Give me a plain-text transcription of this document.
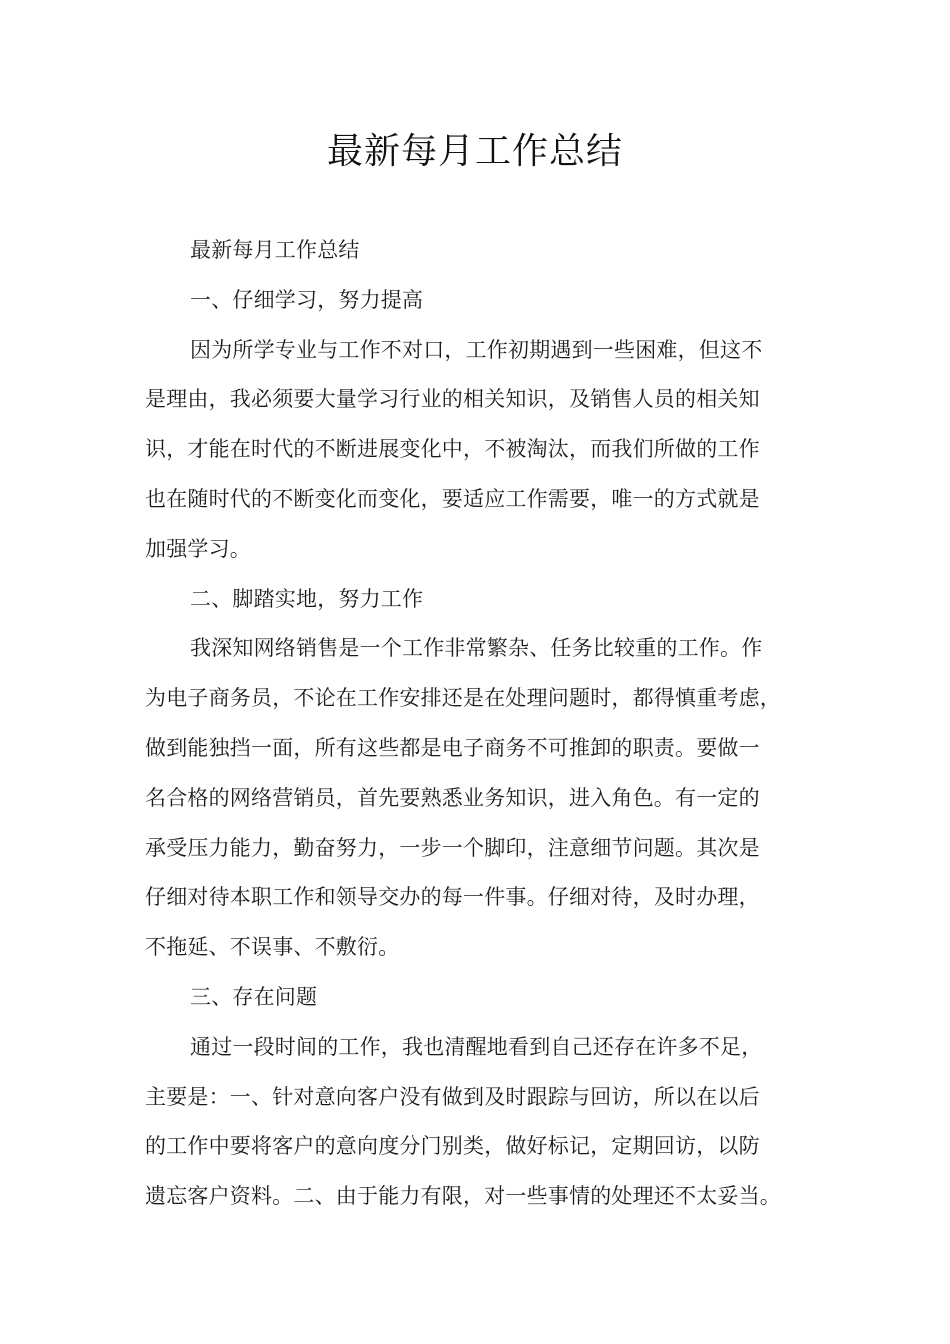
最新每月工作总结
最新每月工作总结
一、仔细学习，努力提高
因为所学专业与工作不对口，工作初期遇到一些困难，但这不
是理由，我必须要大量学习行业的相关知识，及销售人员的相关知
识，才能在时代的不断进展变化中，不被淘汰，而我们所做的工作
也在随时代的不断变化而变化，要适应工作需要，唯一的方式就是
加强学习。
二、脚踏实地，努力工作
我深知网络销售是一个工作非常繁杂、任务比较重的工作。作
为电子商务员，不论在工作安排还是在处理问题时，都得慎重考虑，
做到能独挡一面，所有这些都是电子商务不可推卸的职责。要做一
名合格的网络营销员，首先要熟悉业务知识，进入角色。有一定的
承受压力能力，勤奋努力，一步一个脚印，注意细节问题。其次是
仔细对待本职工作和领导交办的每一件事。仔细对待，及时办理，
不拖延、不误事、不敷衍。
三、存在问题
通过一段时间的工作，我也清醒地看到自己还存在许多不足，
主要是：一、针对意向客户没有做到及时跟踪与回访，所以在以后
的工作中要将客户的意向度分门别类，做好标记，定期回访，以防
遗忘客户资料。二、由于能力有限，对一些事情的处理还不太妥当。
